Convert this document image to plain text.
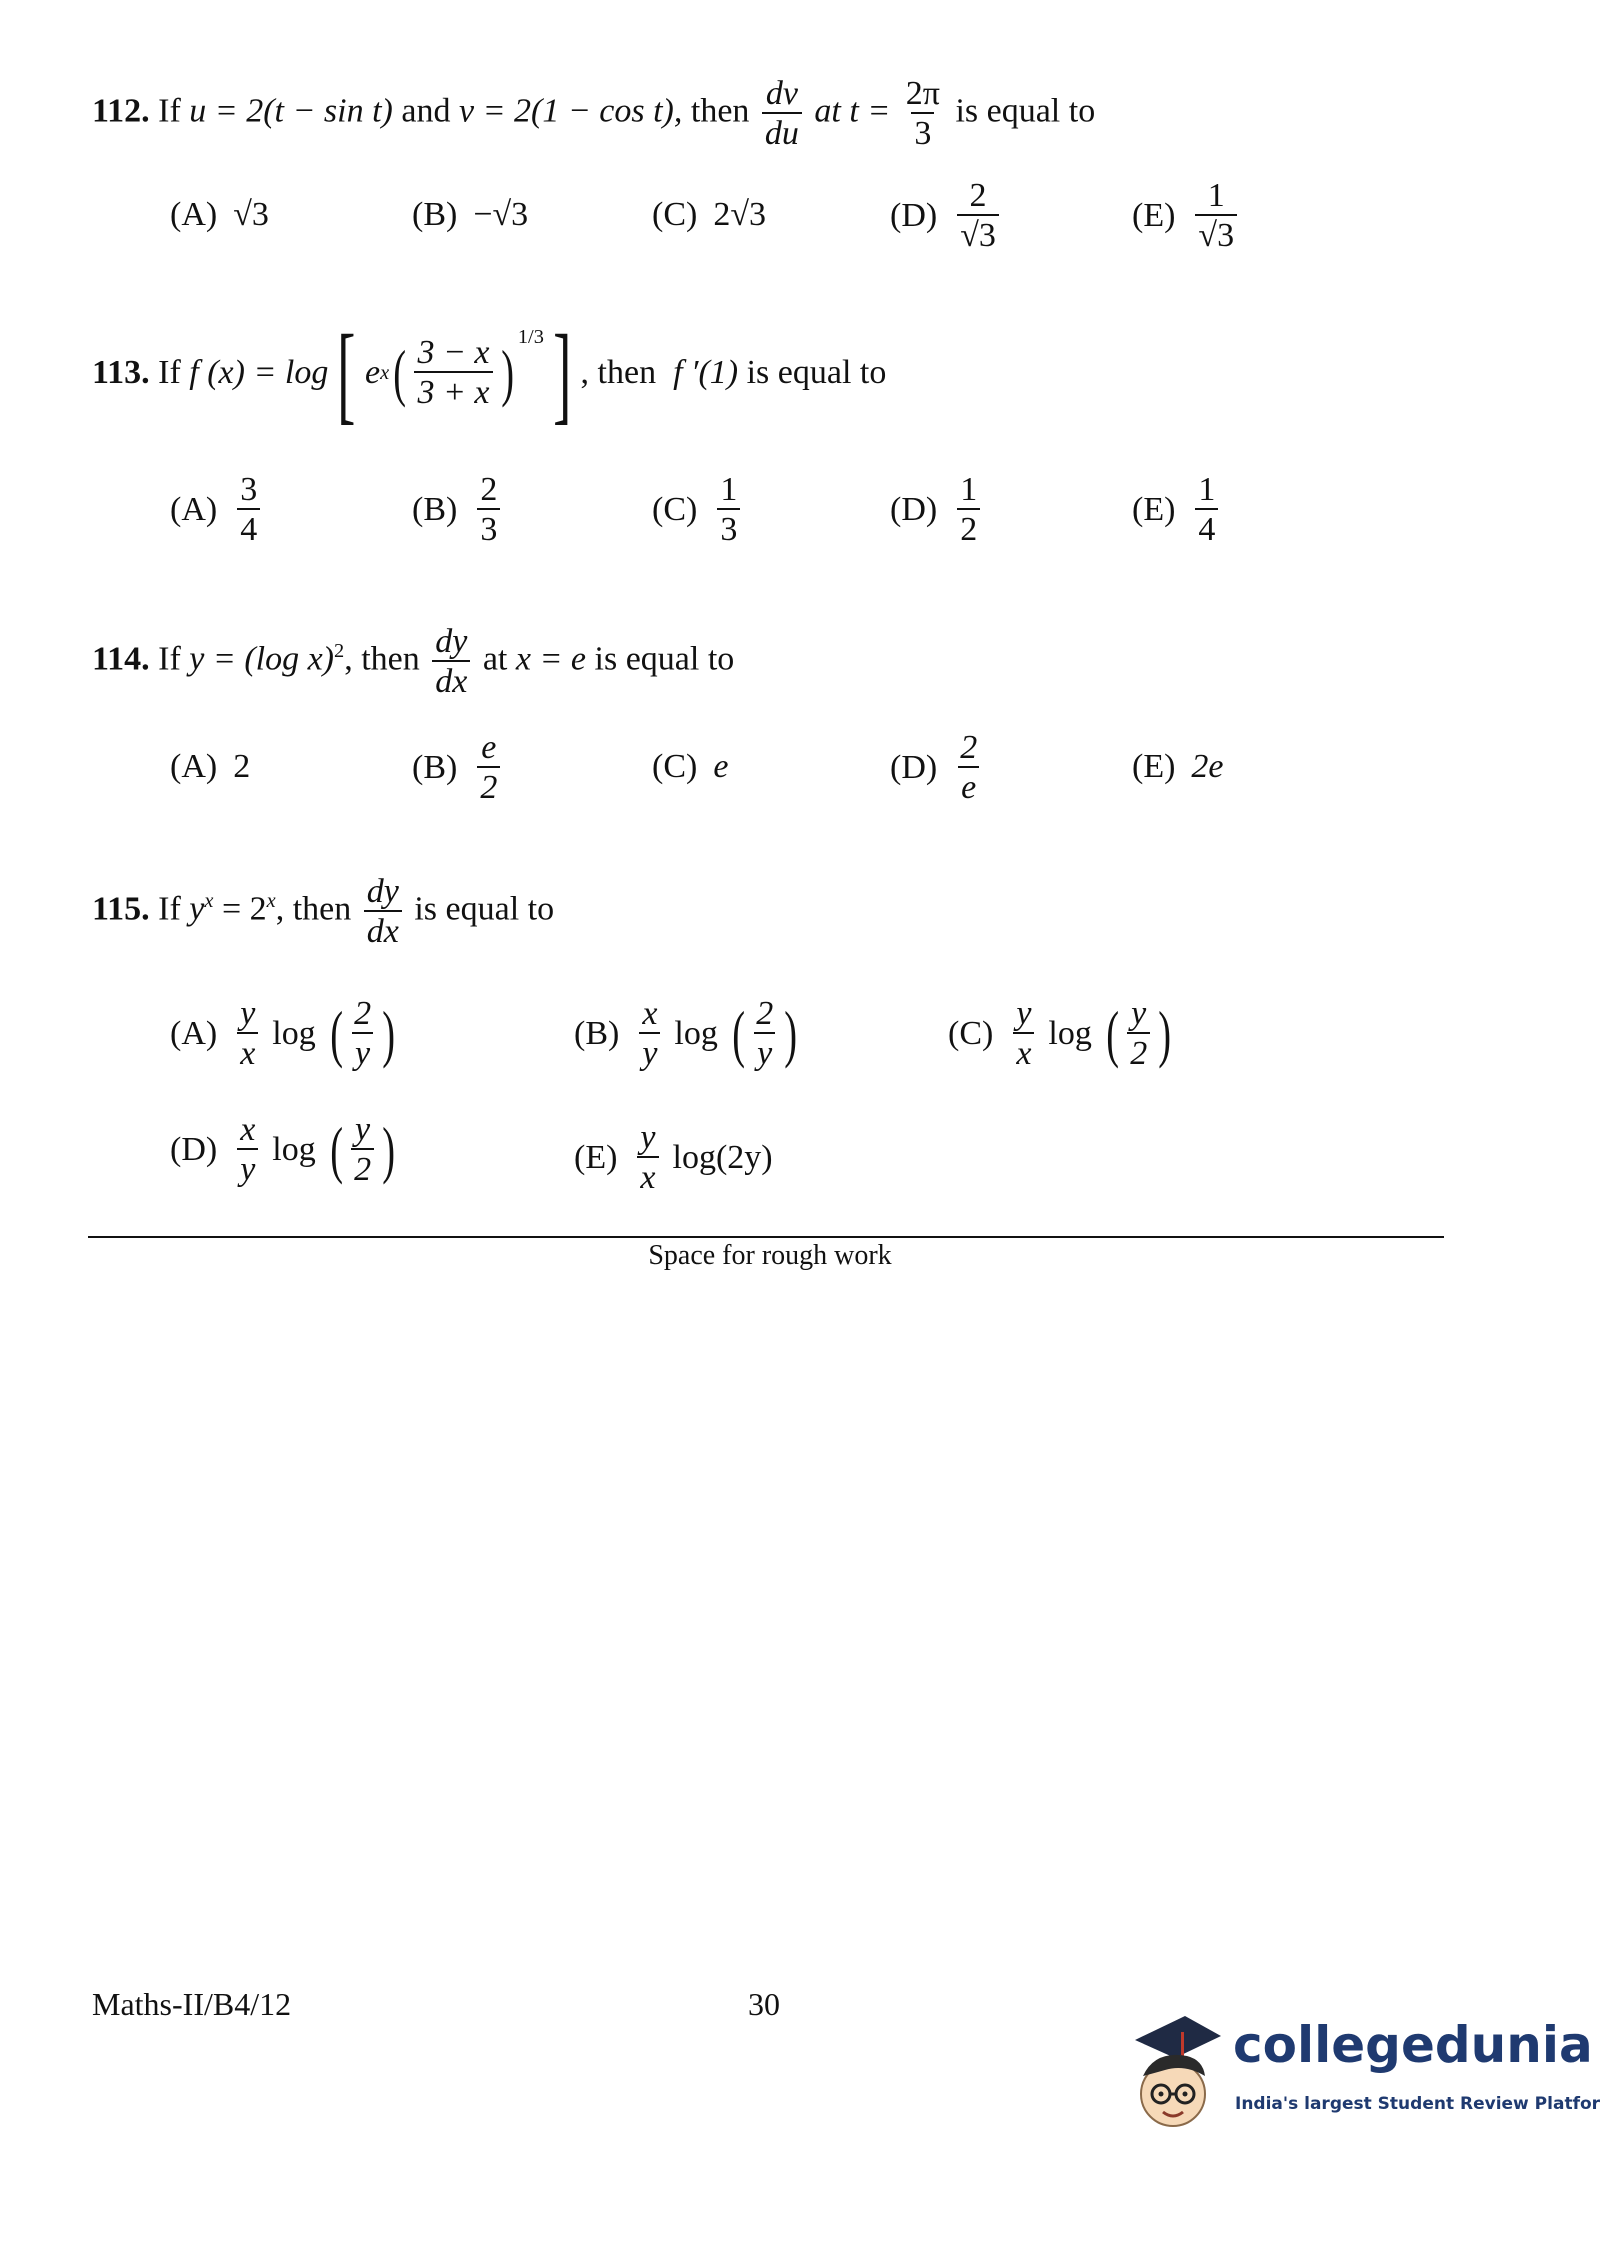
112. If u = 2(t − sin t) and v = 2(1 − cos t), then $\frac{dv}{du}$ at $t = \frac{2\pi}{3}$ is equal to
(A) √3	(B) −√3	(C) 2√3	$(D) \frac{2}{√3}$	$(E) \frac{1}{√3}$
113.
If
f (x) = log [ e x ( $\frac{3 - x}{3 + x} )^{1/3}$ ] , then
f ′(1)
is equal to
$(A) \frac{3}{4}$	$(B) \frac{2}{3}$	$(C) \frac{1}{3}$	$(D) \frac{1}{2}$	$(E) \frac{1}{4}$
114. If y = (log x)$^2$, then $\frac{dy}{dx}$ at x = e is equal to
(A) 2	$(B) \frac{e}{2}$	(C) e	$(D) \frac{2}{e}$	(E) 2e
115. If $y^x = 2^x$, then $\frac{dy}{dx}$ is equal to
$(A) \frac{y}{x}$ log ( $\frac{2}{y}$ )	$(B) \frac{x}{y}$ log ( $\frac{2}{y}$ )	$(C) \frac{y}{x}$ log ( $\frac{y}{2}$ )
$(D) \frac{x}{y}$ log ( $\frac{y}{2}$ )	$(E) \frac{y}{x} \log(2y)$
Space for rough work
Maths-II/B4/12	30
collegedunia
India's largest Student Review Platfor
